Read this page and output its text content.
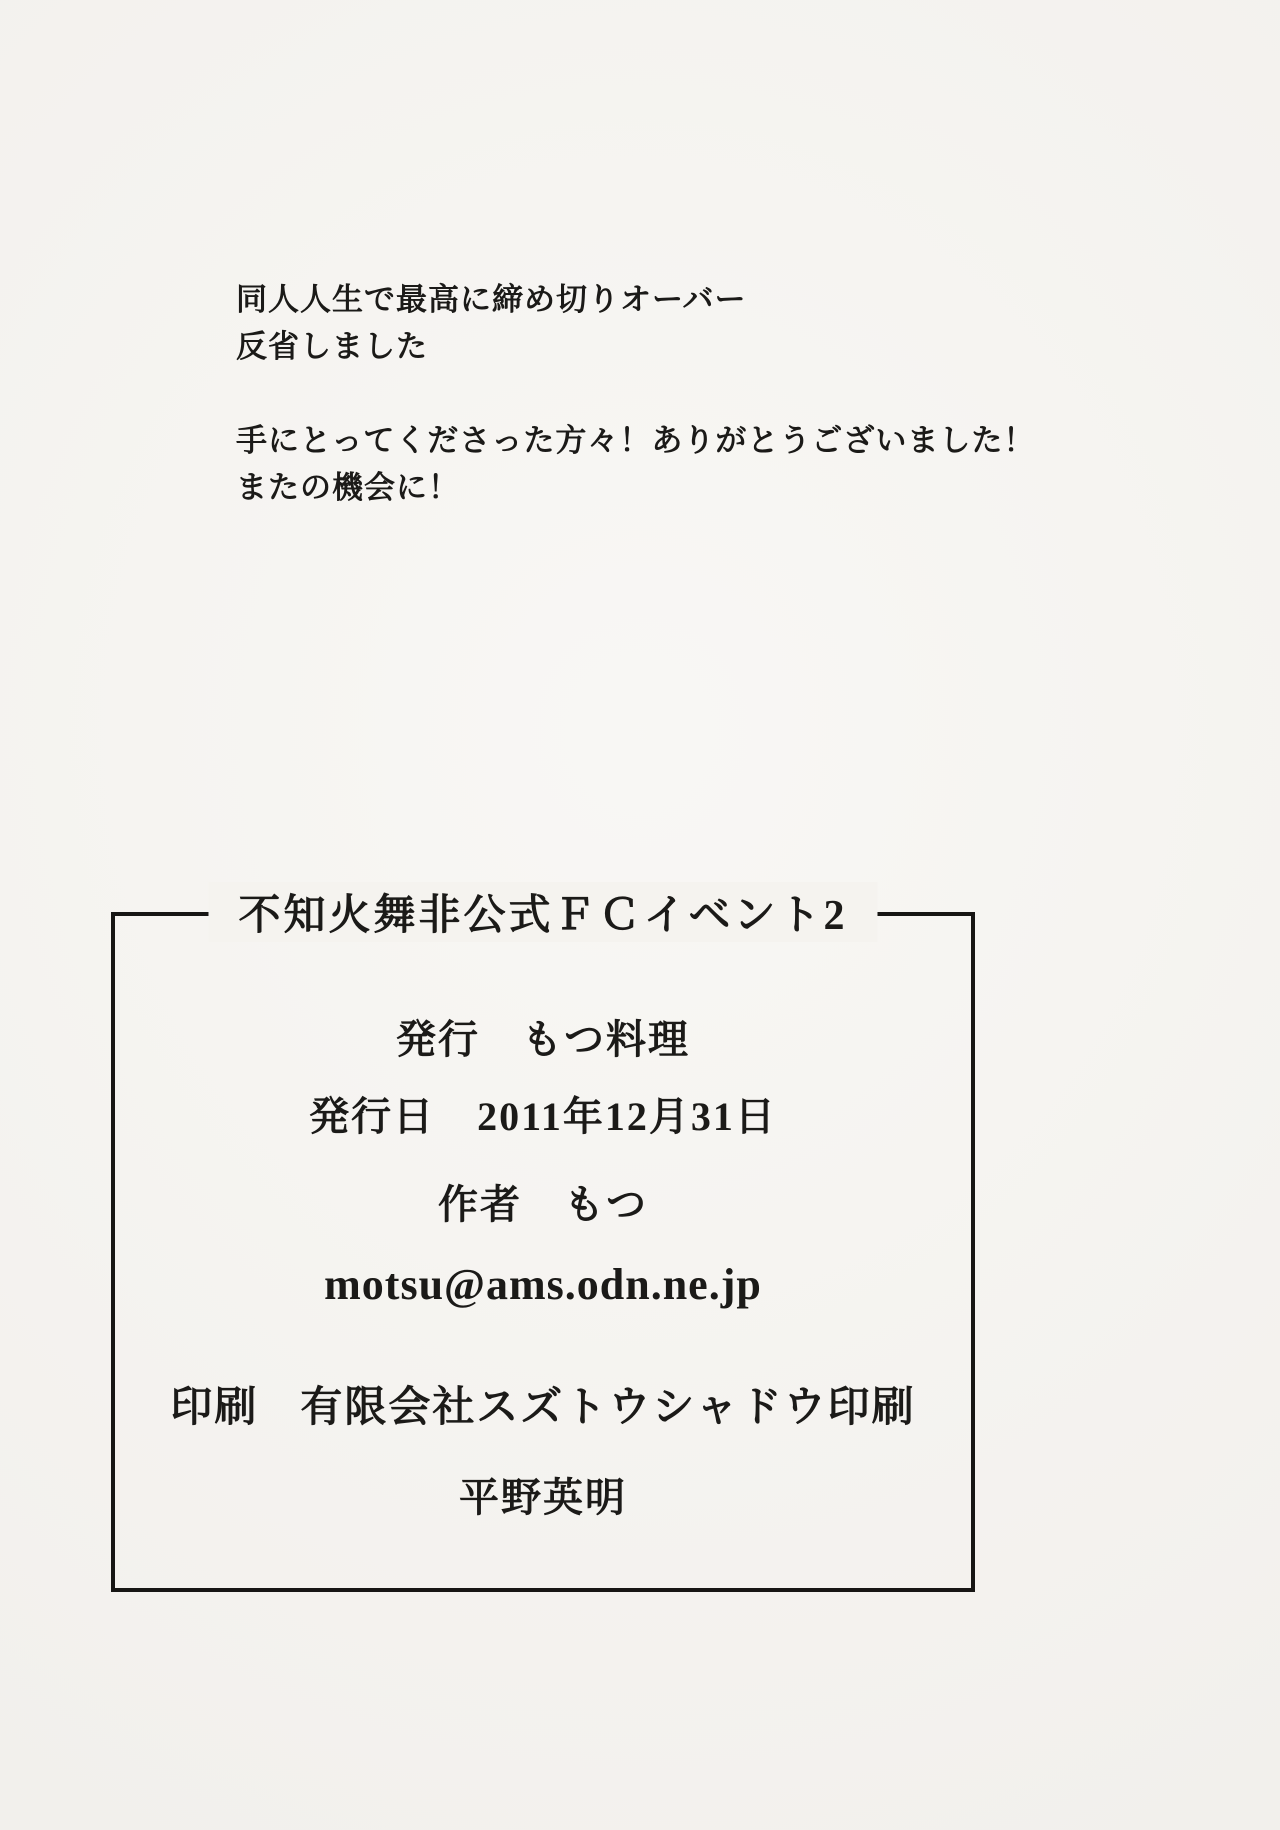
同人人生で最高に締め切りオーバー
反省しました
手にとってくださった方々！ありがとうございました！
またの機会に！
不知火舞非公式ＦＣイベント2
発行 もつ料理
発行日 2011年12月31日
作者 もつ
motsu@ams.odn.ne.jp
印刷 有限会社スズトウシャドウ印刷
平野英明
